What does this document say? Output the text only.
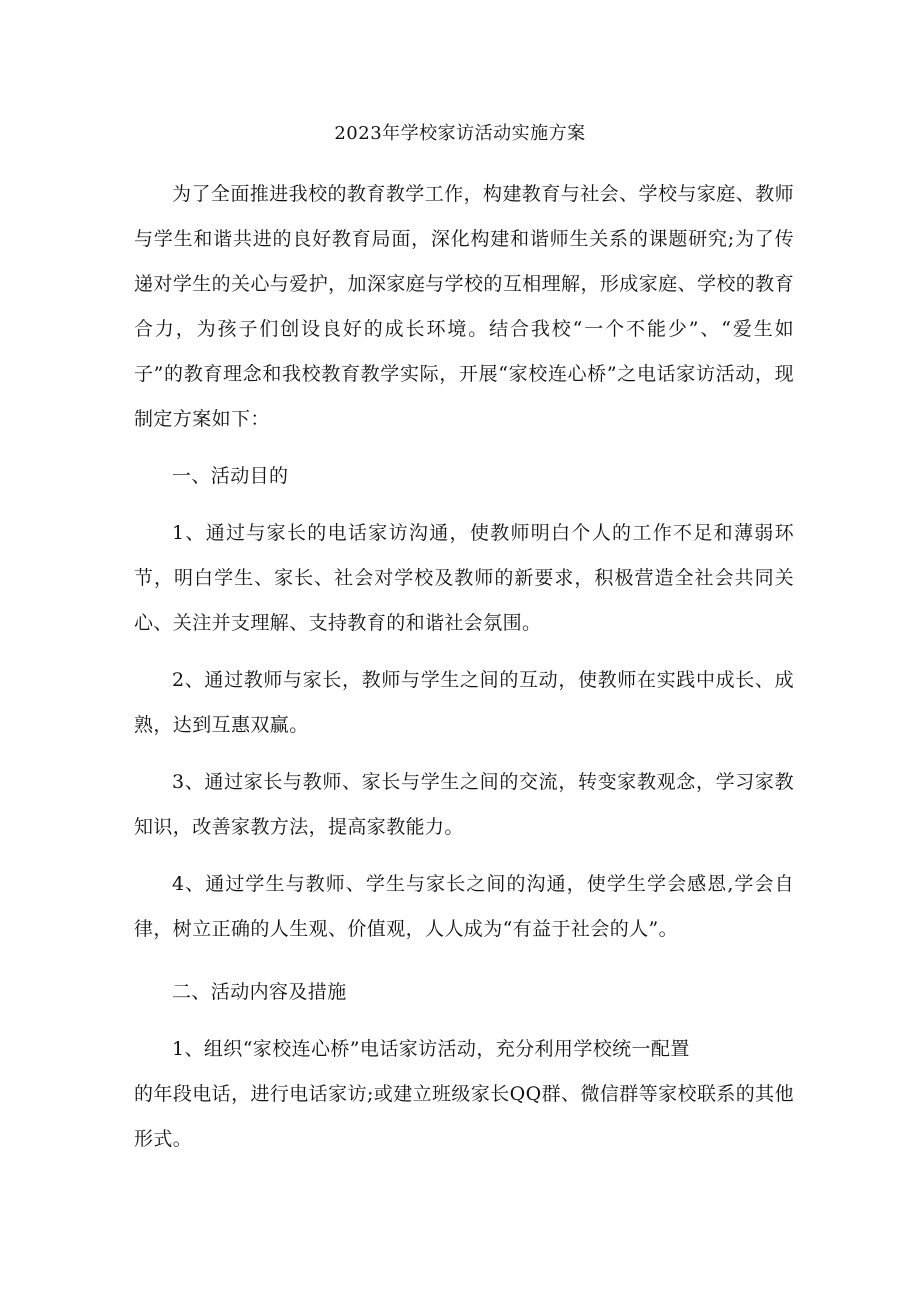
2023年学校家访活动实施方案

为了全面推进我校的教育教学工作，构建教育与社会、学校与家庭、教师与学生和谐共进的良好教育局面，深化构建和谐师生关系的课题研究;为了传递对学生的关心与爱护，加深家庭与学校的互相理解，形成家庭、学校的教育合力，为孩子们创设良好的成长环境。结合我校“一个不能少”、“爱生如子”的教育理念和我校教育教学实际，开展“家校连心桥”之电话家访活动，现制定方案如下：

一、活动目的

1、通过与家长的电话家访沟通，使教师明白个人的工作不足和薄弱环节，明白学生、家长、社会对学校及教师的新要求，积极营造全社会共同关心、关注并支理解、支持教育的和谐社会氛围。

2、通过教师与家长，教师与学生之间的互动，使教师在实践中成长、成熟，达到互惠双赢。

3、通过家长与教师、家长与学生之间的交流，转变家教观念，学习家教知识，改善家教方法，提高家教能力。

4、通过学生与教师、学生与家长之间的沟通，使学生学会感恩,学会自律，树立正确的人生观、价值观，人人成为“有益于社会的人”。

二、活动内容及措施

1、组织“家校连心桥”电话家访活动，充分利用学校统一配置

的年段电话，进行电话家访;或建立班级家长QQ群、微信群等家校联系的其他形式。
